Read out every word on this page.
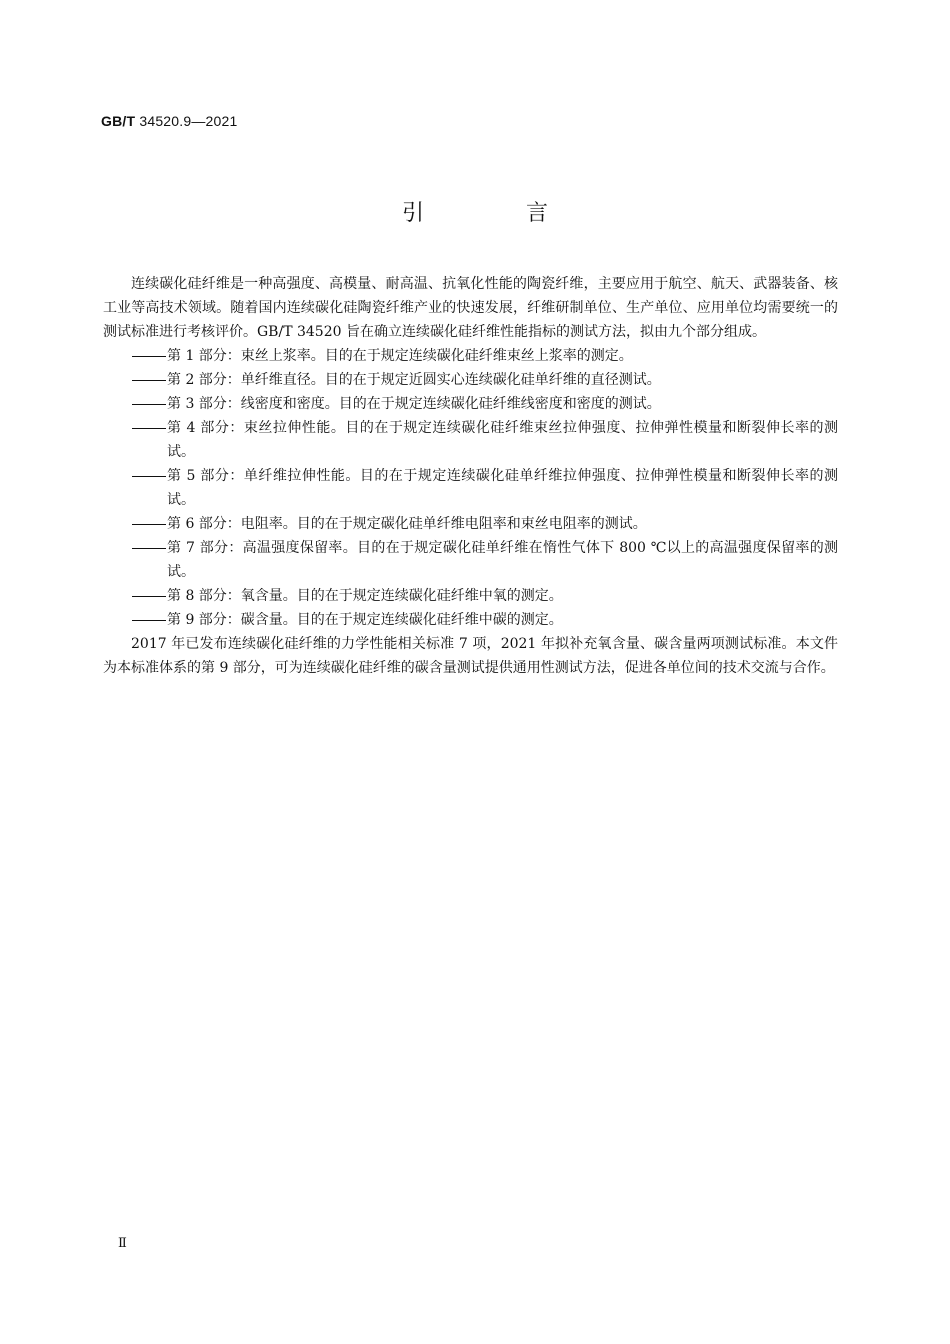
GB/T 34520.9—2021
引　言

连续碳化硅纤维是一种高强度、高模量、耐高温、抗氧化性能的陶瓷纤维，主要应用于航空、航天、武器装备、核工业等高技术领域。随着国内连续碳化硅陶瓷纤维产业的快速发展，纤维研制单位、生产单位、应用单位均需要统一的测试标准进行考核评价。GB/T 34520 旨在确立连续碳化硅纤维性能指标的测试方法，拟由九个部分组成。

第 1 部分：束丝上浆率。目的在于规定连续碳化硅纤维束丝上浆率的测定。
第 2 部分：单纤维直径。目的在于规定近圆实心连续碳化硅单纤维的直径测试。
第 3 部分：线密度和密度。目的在于规定连续碳化硅纤维线密度和密度的测试。
第 4 部分：束丝拉伸性能。目的在于规定连续碳化硅纤维束丝拉伸强度、拉伸弹性模量和断裂伸长率的测试。
第 5 部分：单纤维拉伸性能。目的在于规定连续碳化硅单纤维拉伸强度、拉伸弹性模量和断裂伸长率的测试。
第 6 部分：电阻率。目的在于规定碳化硅单纤维电阻率和束丝电阻率的测试。
第 7 部分：高温强度保留率。目的在于规定碳化硅单纤维在惰性气体下 800 ℃以上的高温强度保留率的测试。
第 8 部分：氧含量。目的在于规定连续碳化硅纤维中氧的测定。
第 9 部分：碳含量。目的在于规定连续碳化硅纤维中碳的测定。

2017 年已发布连续碳化硅纤维的力学性能相关标准 7 项，2021 年拟补充氧含量、碳含量两项测试标准。本文件为本标准体系的第 9 部分，可为连续碳化硅纤维的碳含量测试提供通用性测试方法，促进各单位间的技术交流与合作。

Ⅱ
